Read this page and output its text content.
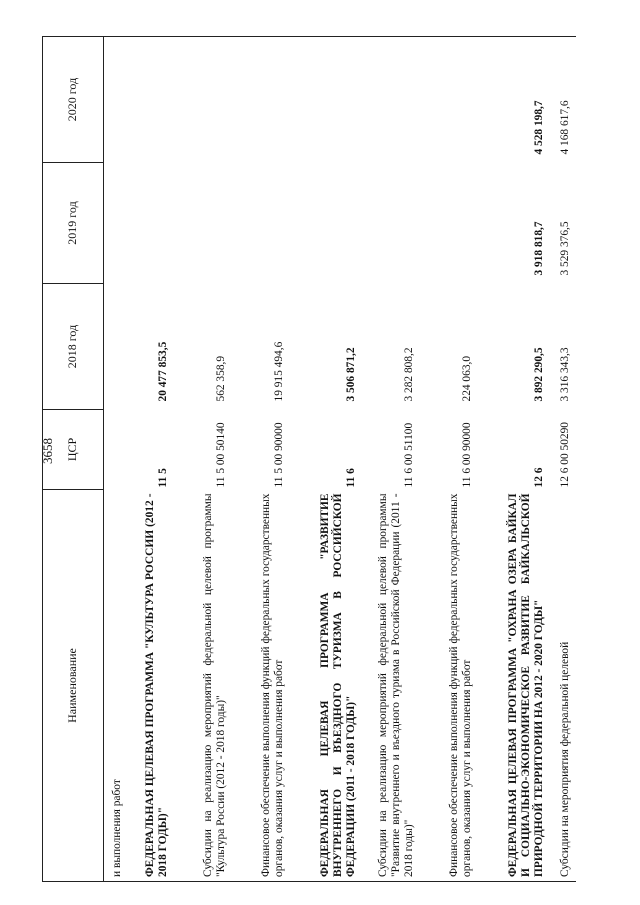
3658
Наименование	ЦСР	2018 год	2019 год	2020 год
и выполнения работ				
ФЕДЕРАЛЬНАЯ ЦЕЛЕВАЯ ПРОГРАММА "КУЛЬТУРА РОССИИ (2012 - 2018 ГОДЫ)"	11 5	20 477 853,5		
Субсидии на реализацию мероприятий федеральной целевой программы "Культура России (2012 - 2018 годы)"	11 5 00 50140	562 358,9		
Финансовое обеспечение выполнения функций федеральных государственных органов, оказания услуг и выполнения работ	11 5 00 90000	19 915 494,6		
ФЕДЕРАЛЬНАЯ ЦЕЛЕВАЯ ПРОГРАММА "РАЗВИТИЕ ВНУТРЕННЕГО И ВЪЕЗДНОГО ТУРИЗМА В РОССИЙСКОЙ ФЕДЕРАЦИИ (2011 - 2018 ГОДЫ)"	11 6	3 506 871,2		
Субсидии на реализацию мероприятий федеральной целевой программы "Развитие внутреннего и въездного туризма в Российской Федерации (2011 - 2018 годы)"	11 6 00 51100	3 282 808,2		
Финансовое обеспечение выполнения функций федеральных государственных органов, оказания услуг и выполнения работ	11 6 00 90000	224 063,0		
ФЕДЕРАЛЬНАЯ ЦЕЛЕВАЯ ПРОГРАММА "ОХРАНА ОЗЕРА БАЙКАЛ И СОЦИАЛЬНО-ЭКОНОМИЧЕСКОЕ РАЗВИТИЕ БАЙКАЛЬСКОЙ ПРИРОДНОЙ ТЕРРИТОРИИ НА 2012 - 2020 ГОДЫ"	12 6	3 892 290,5	3 918 818,7	4 528 198,7
Субсидии на мероприятия федеральной целевой	12 6 00 50290	3 316 343,3	3 529 376,5	4 168 617,6
